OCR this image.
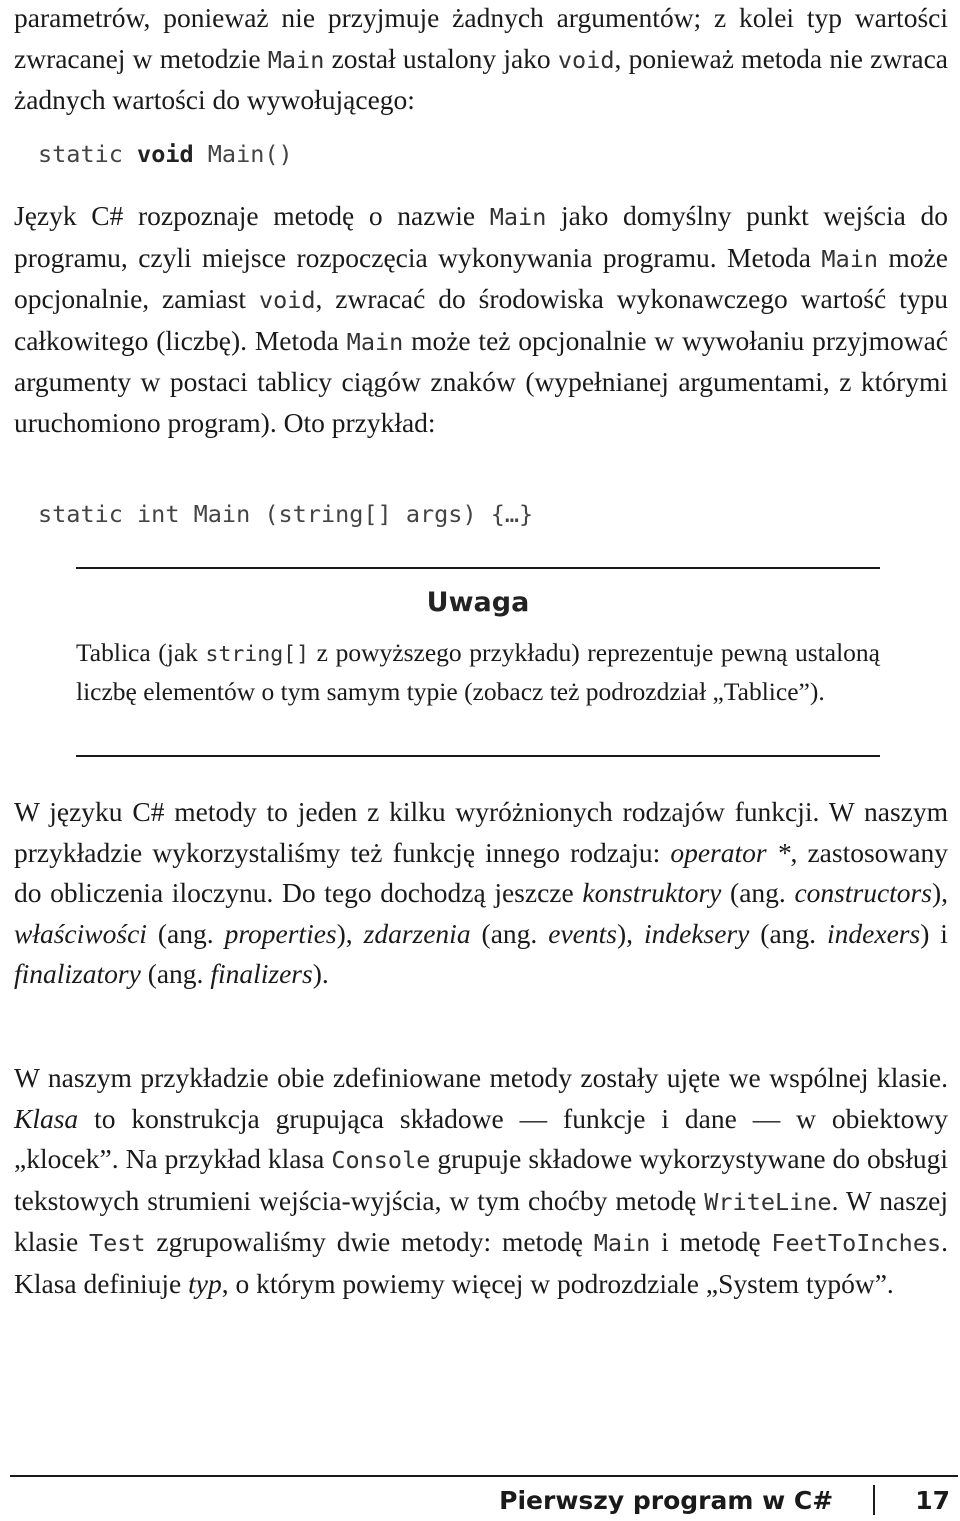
parametrów, ponieważ nie przyjmuje żadnych argumentów; z kolei typ wartości zwracanej w metodzie Main został ustalony jako void, ponieważ metoda nie zwraca żadnych wartości do wywołującego:

static void Main()

Język C# rozpoznaje metodę o nazwie Main jako domyślny punkt wejścia do programu, czyli miejsce rozpoczęcia wykonywania programu. Metoda Main może opcjonalnie, zamiast void, zwracać do środowiska wykonawczego wartość typu całkowitego (liczbę). Metoda Main może też opcjonalnie w wywołaniu przyjmować argumenty w postaci tablicy ciągów znaków (wypełnianej argumentami, z którymi uruchomiono program). Oto przykład:

static int Main (string[] args) {…}

Uwaga

Tablica (jak string[] z powyższego przykładu) reprezentuje pewną ustaloną liczbę elementów o tym samym typie (zobacz też podrozdział „Tablice”).

W języku C# metody to jeden z kilku wyróżnionych rodzajów funkcji. W naszym przykładzie wykorzystaliśmy też funkcję innego rodzaju: operator *, zastosowany do obliczenia iloczynu. Do tego dochodzą jeszcze konstruktory (ang. constructors), właściwości (ang. properties), zdarzenia (ang. events), indeksery (ang. indexers) i finalizatory (ang. finalizers).

W naszym przykładzie obie zdefiniowane metody zostały ujęte we wspólnej klasie. Klasa to konstrukcja grupująca składowe — funkcje i dane — w obiektowy „klocek”. Na przykład klasa Console grupuje składowe wykorzystywane do obsługi tekstowych strumieni wejścia-wyjścia, w tym choćby metodę WriteLine. W naszej klasie Test zgrupowaliśmy dwie metody: metodę Main i metodę FeetToInches. Klasa definiuje typ, o którym powiemy więcej w podrozdziale „System typów”.

Pierwszy program w C#	17
